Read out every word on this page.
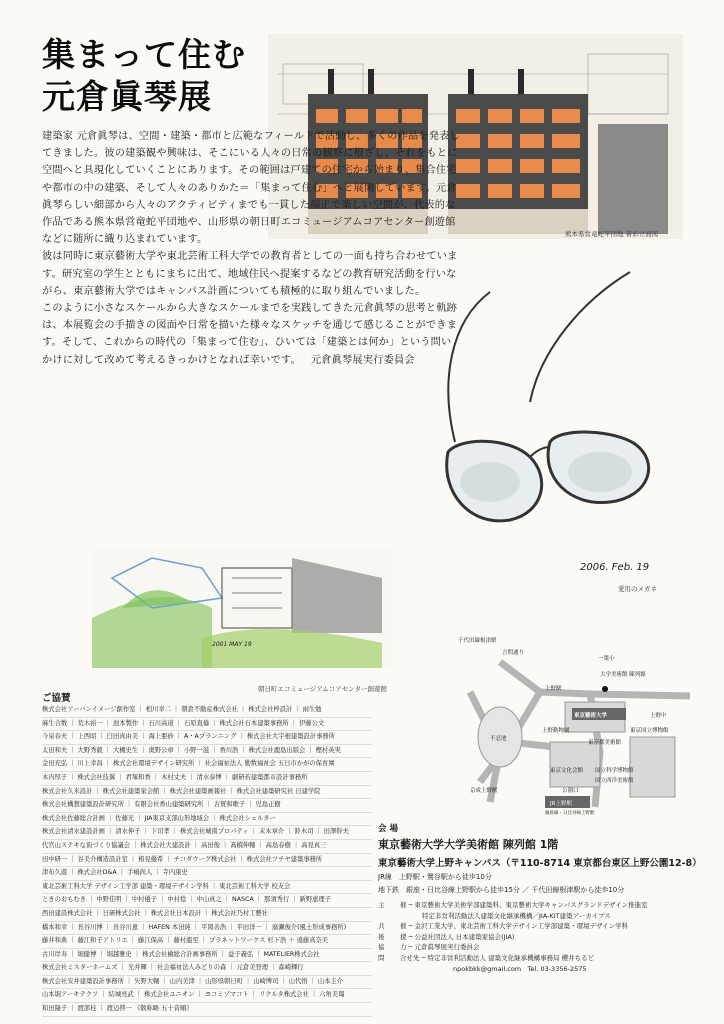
集まって住む
元倉眞琴展
熊本県営竜蛇平団地 着彩立面図

建築家 元倉眞琴は、空間・建築・都市と広範なフィールドで活動し、多くの作品を発表してきました。彼の建築観や興味は、そこにいる人々の日常の観察に根ざし、それをもとに空間へと具現化していくことにあります。その範囲は戸建ての住宅から始まり、集合住宅や都市の中の建築、そして人々のありかた＝「集まって住む」へと展開しています。元倉眞琴らしい細部から人々のアクティビティまでも一貫した端正で楽しい空間が、代表的な作品である熊本県営竜蛇平団地や、山形県の朝日町エコミュージアムコアセンター創遊館などに随所に織り込まれています。

彼は同時に東京藝術大学や東北芸術工科大学での教育者としての一面も持ち合わせています。研究室の学生とともにまちに出て、地域住民へ提案するなどの教育研究活動を行いながら、東京藝術大学ではキャンパス計画についても積極的に取り組んでいました。

このように小さなスケールから大きなスケールまでを実践してきた元倉眞琴の思考と軌跡は、本展覧会の手描きの図面や日常を描いた様々なスケッチを通じて感じることができます。そして、これからの時代の「集まって住む」、ひいては「建築とは何か」という問いかけに対して改めて考えるきっかけとなれば幸いです。 元倉眞琴展実行委員会

2006. Feb. 19
愛用のメガネ
2001 MAY 19
朝日町エコミュージアムコアセンター創遊館
千代田線根津駅
言問通り
大学美術館 陳列館
一葉小
上野駅
東京藝術大学
上野動物園
不忍池
東京文化会館 国立科学博物館
京成上野駅
JR上野駅
銀座線・日比谷線上野駅
公園口
国立西洋美術館
東京国立博物館
上野中
東京都美術館
ご協賛
株式会社アーバンイメージ創作室 ｜ 相川幸二 ｜ 朝倉不動産株式会社 ｜ 株式会社梓設計 ｜ 雨生勉
麻生合数 ｜ 荒木裕一 ｜ 池本製作 ｜ 石川高道 ｜ 石原直倫 ｜ 株式会社石本建築事務所 ｜ 伊藤公文
今泉春夫 ｜ 上西昭 ｜ 臼田真由美 ｜ 海上亜砂 ｜ A・Aプランニング ｜ 株式会社大宇根建築設計事務所
太田和夫 ｜ 大野秀毅 ｜ 大槻史生 ｜ 奥野公章 ｜ 小野一滋 ｜ 香川浩 ｜ 株式会社鹿島出版会 ｜ 樫村英実
金田充弘 ｜ 川上幸昌 ｜ 株式会社環境デザイン研究所 ｜ 社会福祉法人 勤数福祉会 五日市かがの保育園
木内厚子 ｜ 株式会社技翼 ｜ 君塚和香 ｜ 木村丈夫 ｜ 清水泰博 ｜ 劇研若建築都市設計事務所
株式会社久米設計 ｜ 株式会社建築家会館 ｜ 株式会社建築画報社 ｜ 株式会社建築研究社 日建学院
株式会社構想建築設計研究所 ｜ 有限会社香山建築研究所 ｜ 古賀和歌子 ｜ 児島正樹
株式会社佐藤総合計画 ｜ 佐藤光 ｜ JIA東京支部山形地域会 ｜ 株式会社シェルター
株式会社清水建設計画 ｜ 清水伸子 ｜ 下司孝 ｜ 株式会社城南プロパティ ｜ 末木章介 ｜ 鈴木司 ｜ 田澤幹夫
代官山ステキな街づくり協議会 ｜ 株式会社大建設計 ｜ 高田俊 ｜ 髙橋伸輔 ｜ 高島春樹 ｜ 高見真三
田中研一 ｜ 谷美介構造設計室 ｜ 椿見優希 ｜ チコダウーグ株式会社 ｜ 株式会社ツチヤ建築事務所
津布久遊 ｜ 株式会社D&A ｜ 手嶋尚人 ｜ 寺内康史
東北芸術工科大学 デザイン工学部 建築・環境デザイン学科 ｜ 東北芸術工科大学 校友会
ときのおもむき ｜ 中野佳明 ｜ 中村優子 ｜ 中村稔 ｜ 中山真之 ｜ NASCA ｜ 那須秀行 ｜ 新野恵理子
西田建設株式会社 ｜ 日研株式会社 ｜ 株式会社日本設計 ｜ 株式会社乃村工藝社
橋本和幸 ｜ 長谷川博 ｜ 長谷川恵 ｜ HAFEN 本田純 ｜ 平岡善浩 ｜ 平田洋一 ｜ 廣瀬俊介(風土形成事務所)
藤井和典 ｜ 藤江和子アトリエ ｜ 藤江保高 ｜ 藤村龍至 ｜ プラネットワークス 杉下浩 ＋ 遠藤真奈美
古川岸寿 ｜ 堀健博 ｜ 堀越雅史 ｜ 株式会社槇総合計画事務所 ｜ 益子義弘 ｜ MATELIER株式会社
株式会社ミスターホームズ ｜ 光井輝 ｜ 社会福祉法人みどりの森 ｜ 元倉美登理 ｜ 森崎輝行
株式会社安井建築設計事務所 ｜ 矢野大輔 ｜ 山内美津 ｜ 山形県朝日町 ｜ 山崎博司 ｜ 山代悟 ｜ 山本圭介
山本堀アーキテクツ ｜ 結城亮武 ｜ 株式会社ユニオン ｜ ヨコミゾマコト ｜ リクルタ株式会社 ｜ 六角美瑠
和田隆子 ｜ 渡部桂 ｜ 渡辺啓一 《敬称略 五十音順》
会 場
東京藝術大学大学美術館 陳列館 1階
東京藝術大学上野キャンパス（〒110-8714 東京都台東区上野公園12-8）
JR線　上野駅・鶯谷駅から徒歩10分
地下鉄　銀座・日比谷線上野駅から徒歩15分 ／ 千代田線根津駅から徒歩10分
主	催 ─ 東京藝術大学美術学部建築科、東京藝術大学キャンパスグランドデザイン推進室
特定非営利活動法人建築文化継承機構／JIA-KIT建築アーカイブス
共	催 ─ 金沢工業大学、東北芸術工科大学デザイン工学部建築・環境デザイン学科
後	援 ─ 公益社団法人 日本建築家協会(JIA)
協	力 ─ 元倉眞琴展実行委員会
問	合せ先 ─ 特定非営利活動法人 建築文化継承機構事務局 櫻井ちるど
npokbkk@gmail.com　Tel. 03-3356-2575
